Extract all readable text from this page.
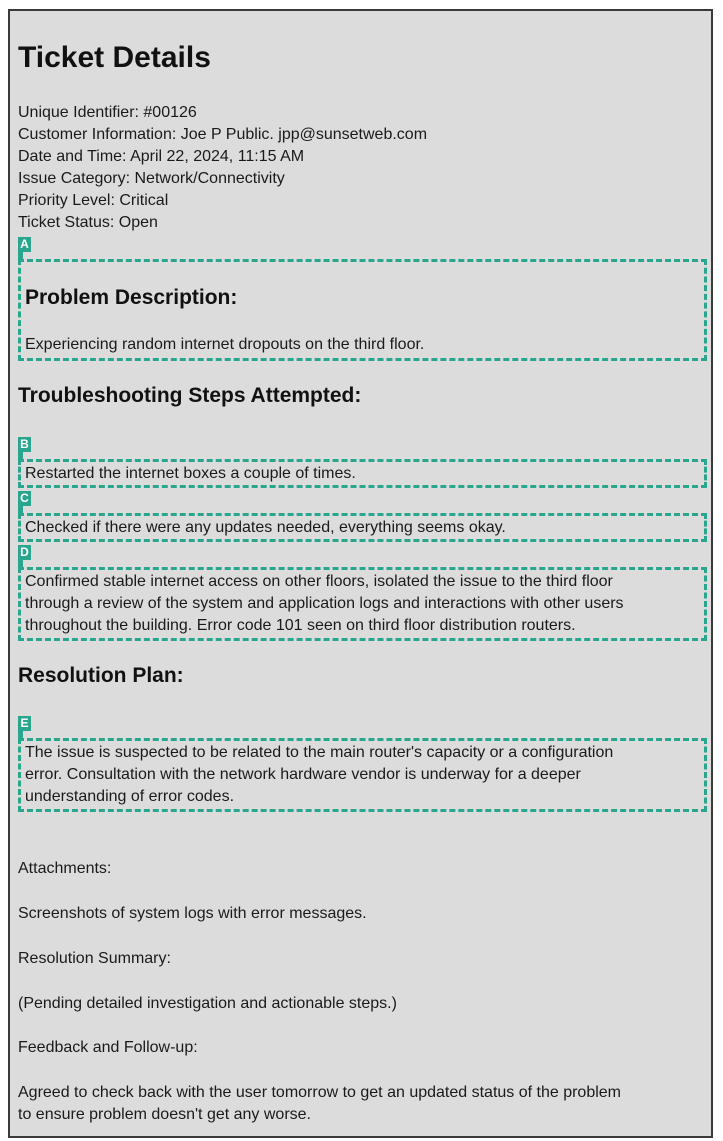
Ticket Details
Unique Identifier: #00126
Customer Information: Joe P Public. jpp@sunsetweb.com
Date and Time: April 22, 2024, 11:15 AM
Issue Category: Network/Connectivity
Priority Level: Critical
Ticket Status: Open
A
Problem Description:
Experiencing random internet dropouts on the third floor.
Troubleshooting Steps Attempted:
B
Restarted the internet boxes a couple of times.
C
Checked if there were any updates needed, everything seems okay.
D
Confirmed stable internet access on other floors, isolated the issue to the third floor
through a review of the system and application logs and interactions with other users
throughout the building. Error code 101 seen on third floor distribution routers.
Resolution Plan:
E
The issue is suspected to be related to the main router's capacity or a configuration
error. Consultation with the network hardware vendor is underway for a deeper
understanding of error codes.
Attachments:
Screenshots of system logs with error messages.
Resolution Summary:
(Pending detailed investigation and actionable steps.)
Feedback and Follow-up:
Agreed to check back with the user tomorrow to get an updated status of the problem
to ensure problem doesn't get any worse.
